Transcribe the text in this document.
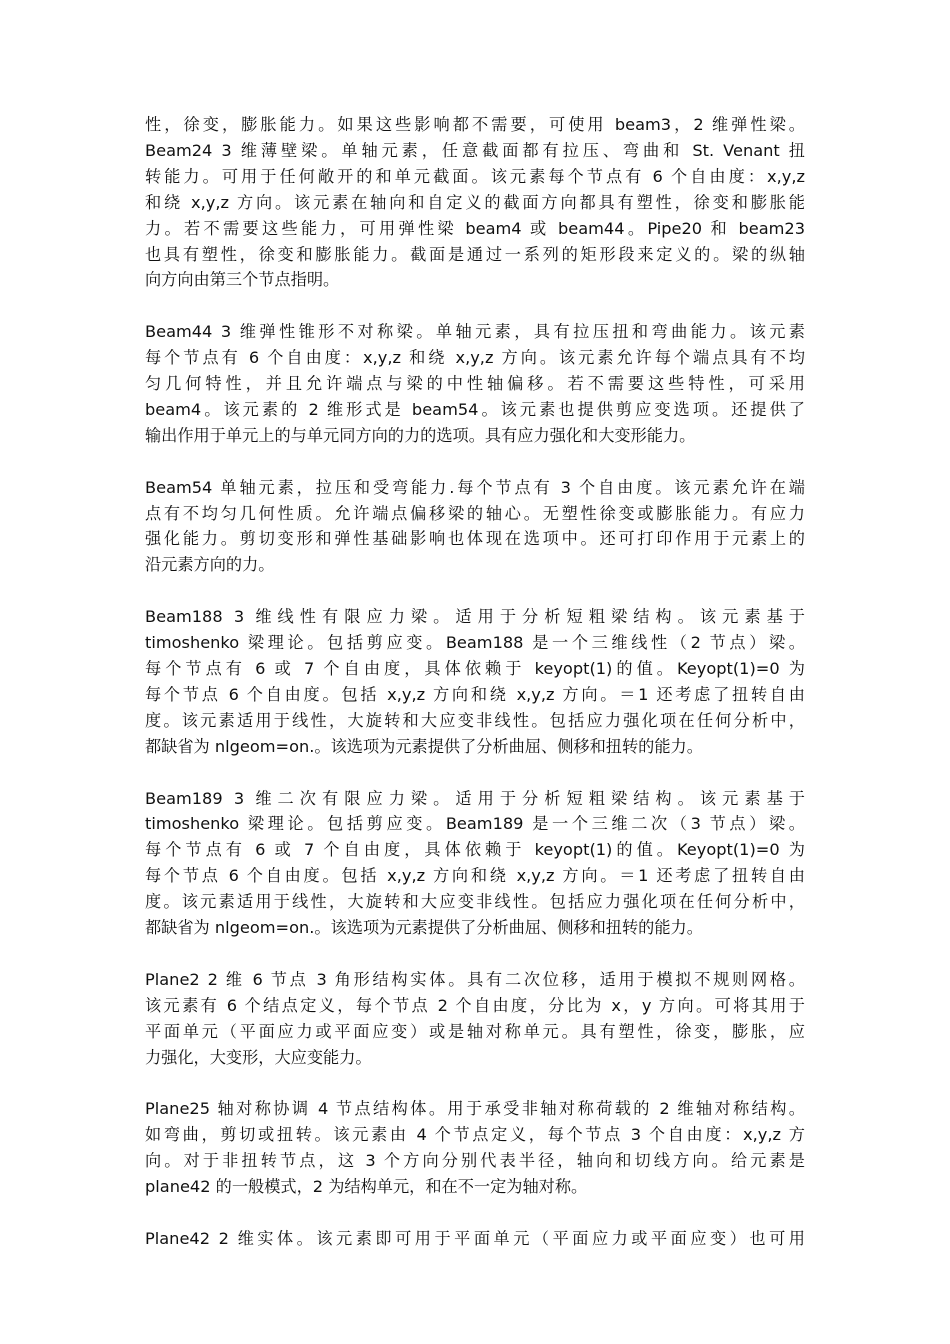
性，徐变，膨胀能力。如果这些影响都不需要，可使用 beam3，2 维弹性梁。
Beam24 3 维薄壁梁。单轴元素，任意截面都有拉压、弯曲和 St. Venant 扭
转能力。可用于任何敞开的和单元截面。该元素每个节点有 6 个自由度：x,y,z
和绕 x,y,z 方向。该元素在轴向和自定义的截面方向都具有塑性，徐变和膨胀能
力。若不需要这些能力，可用弹性梁 beam4 或 beam44。Pipe20 和 beam23
也具有塑性，徐变和膨胀能力。截面是通过一系列的矩形段来定义的。梁的纵轴
向方向由第三个节点指明。
Beam44 3 维弹性锥形不对称梁。单轴元素，具有拉压扭和弯曲能力。该元素
每个节点有 6 个自由度：x,y,z 和绕 x,y,z 方向。该元素允许每个端点具有不均
匀几何特性，并且允许端点与梁的中性轴偏移。若不需要这些特性，可采用
beam4。该元素的 2 维形式是 beam54。该元素也提供剪应变选项。还提供了
输出作用于单元上的与单元同方向的力的选项。具有应力强化和大变形能力。
Beam54 单轴元素，拉压和受弯能力.每个节点有 3 个自由度。该元素允许在端
点有不均匀几何性质。允许端点偏移梁的轴心。无塑性徐变或膨胀能力。有应力
强化能力。剪切变形和弹性基础影响也体现在选项中。还可打印作用于元素上的
沿元素方向的力。
Beam188 3 维线性有限应力梁。适用于分析短粗梁结构。该元素基于
timoshenko 梁理论。包括剪应变。Beam188 是一个三维线性（2 节点）梁。
每个节点有 6 或 7 个自由度，具体依赖于 keyopt(1)的值。Keyopt(1)=0 为
每个节点 6 个自由度。包括 x,y,z 方向和绕 x,y,z 方向。＝1 还考虑了扭转自由
度。该元素适用于线性，大旋转和大应变非线性。包括应力强化项在任何分析中，
都缺省为 nlgeom=on.。该选项为元素提供了分析曲屈、侧移和扭转的能力。
Beam189 3 维二次有限应力梁。适用于分析短粗梁结构。该元素基于
timoshenko 梁理论。包括剪应变。Beam189 是一个三维二次（3 节点）梁。
每个节点有 6 或 7 个自由度，具体依赖于 keyopt(1)的值。Keyopt(1)=0 为
每个节点 6 个自由度。包括 x,y,z 方向和绕 x,y,z 方向。＝1 还考虑了扭转自由
度。该元素适用于线性，大旋转和大应变非线性。包括应力强化项在任何分析中，
都缺省为 nlgeom=on.。该选项为元素提供了分析曲屈、侧移和扭转的能力。
Plane2 2 维 6 节点 3 角形结构实体。具有二次位移，适用于模拟不规则网格。
该元素有 6 个结点定义，每个节点 2 个自由度，分比为 x，y 方向。可将其用于
平面单元（平面应力或平面应变）或是轴对称单元。具有塑性，徐变，膨胀，应
力强化，大变形，大应变能力。
Plane25 轴对称协调 4 节点结构体。用于承受非轴对称荷载的 2 维轴对称结构。
如弯曲，剪切或扭转。该元素由 4 个节点定义，每个节点 3 个自由度：x,y,z 方
向。对于非扭转节点，这 3 个方向分别代表半径，轴向和切线方向。给元素是
plane42 的一般模式，2 为结构单元，和在不一定为轴对称。
Plane42 2 维实体。该元素即可用于平面单元（平面应力或平面应变）也可用
